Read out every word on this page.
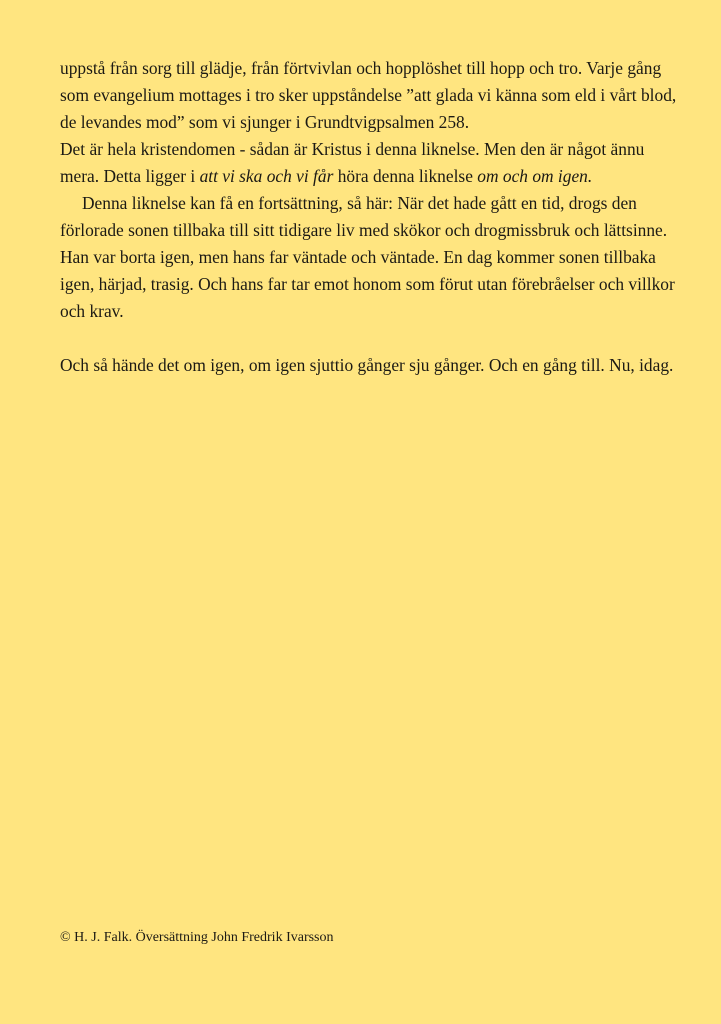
uppstå från sorg till glädje, från förtvivlan och hopplöshet till hopp och tro. Varje gång som evangelium mottages i tro sker uppståndelse ”att glada vi känna som eld i vårt blod, de levandes mod” som vi sjunger i Grundtvigpsalmen 258.

Det är hela kristendomen - sådan är Kristus i denna liknelse. Men den är något ännu mera. Detta ligger i att vi ska och vi får höra denna liknelse om och om igen.

Denna liknelse kan få en fortsättning, så här: När det hade gått en tid, drogs den förlorade sonen tillbaka till sitt tidigare liv med skökor och drogmissbruk och lättsinne. Han var borta igen, men hans far väntade och väntade. En dag kommer sonen tillbaka igen, härjad, trasig. Och hans far tar emot honom som förut utan förebråelser och villkor och krav.

Och så hände det om igen, om igen sjuttio gånger sju gånger. Och en gång till. Nu, idag.

© H. J. Falk. Översättning John Fredrik Ivarsson
